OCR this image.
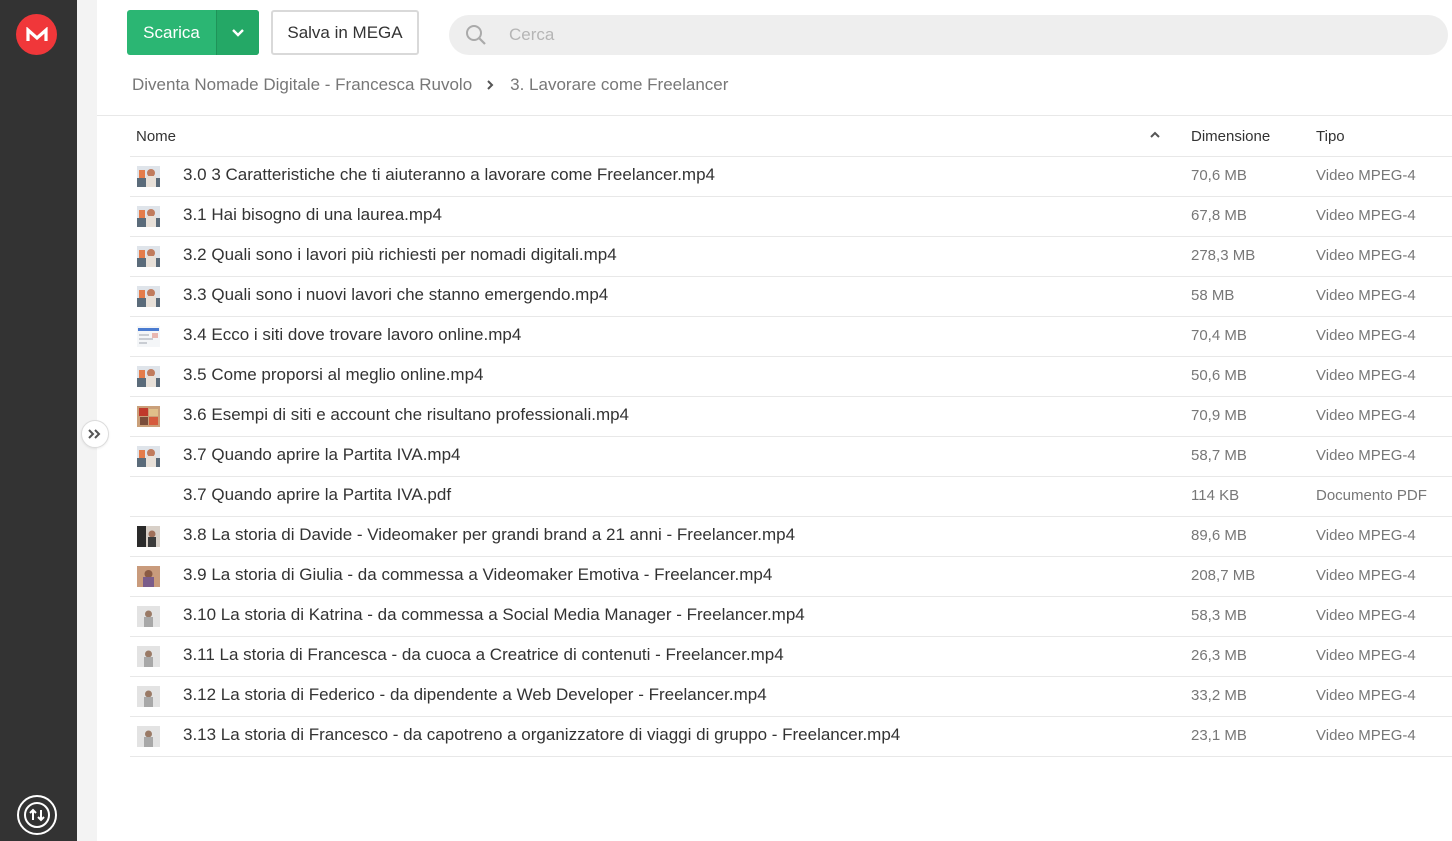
Scarica	Salva in MEGA
Cerca
Diventa Nomade Digitale - Francesca Ruvolo 3. Lavorare come Freelancer
Nome	Dimensione	Tipo
3.0 3 Caratteristiche che ti aiuteranno a lavorare come Freelancer.mp4	70,6 MB	Video MPEG-4
3.1 Hai bisogno di una laurea.mp4	67,8 MB	Video MPEG-4
3.2 Quali sono i lavori più richiesti per nomadi digitali.mp4	278,3 MB	Video MPEG-4
3.3 Quali sono i nuovi lavori che stanno emergendo.mp4	58 MB	Video MPEG-4
3.4 Ecco i siti dove trovare lavoro online.mp4	70,4 MB	Video MPEG-4
3.5 Come proporsi al meglio online.mp4	50,6 MB	Video MPEG-4
3.6 Esempi di siti e account che risultano professionali.mp4	70,9 MB	Video MPEG-4
3.7 Quando aprire la Partita IVA.mp4	58,7 MB	Video MPEG-4
3.7 Quando aprire la Partita IVA.pdf	114 KB	Documento PDF
3.8 La storia di Davide - Videomaker per grandi brand a 21 anni - Freelancer.mp4	89,6 MB	Video MPEG-4
3.9 La storia di Giulia - da commessa a Videomaker Emotiva - Freelancer.mp4	208,7 MB	Video MPEG-4
3.10 La storia di Katrina - da commessa a Social Media Manager - Freelancer.mp4	58,3 MB	Video MPEG-4
3.11 La storia di Francesca - da cuoca a Creatrice di contenuti - Freelancer.mp4	26,3 MB	Video MPEG-4
3.12 La storia di Federico - da dipendente a Web Developer - Freelancer.mp4	33,2 MB	Video MPEG-4
3.13 La storia di Francesco - da capotreno a organizzatore di viaggi di gruppo - Freelancer.mp4	23,1 MB	Video MPEG-4
